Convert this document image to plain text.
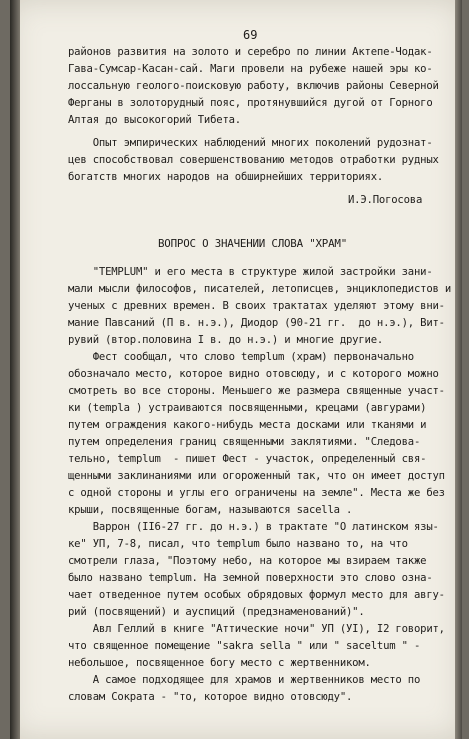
69
районов развития на золото и серебро по линии Актепе-Чодак-
Гава-Сумсар-Касан-сай. Маги провели на рубеже нашей эры ко-
лоссальную геолого-поисковую работу, включив районы Северной
Ферганы в золоторудный пояс, протянувшийся дугой от Горного
Алтая до высокогорий Тибета.
Опыт эмпирических наблюдений многих поколений рудознат-
цев способствовал совершенствованию методов отработки рудных
богатств многих народов на обширнейших территориях.
И.Э.Погосова
ВОПРОС О ЗНАЧЕНИИ СЛОВА "ХРАМ"
"TEMPLUM" и его места в структуре жилой застройки зани-
мали мысли философов, писателей, летописцев, энциклопедистов и
ученых с древних времен. В своих трактатах уделяют этому вни-
мание Павсаний (П в. н.э.), Диодор (90-21 гг.  до н.э.), Вит-
рувий (втор.половина I в. до н.э.) и многие другие.
Фест сообщал, что слово templum (храм) первоначально
обозначало место, которое видно отовсюду, и с которого можно
смотреть во все стороны. Меньшего же размера священные участ-
ки (templa ) устраиваются посвященными, крецами (авгурами)
путем ограждения какого-нибудь места досками или тканями и
путем определения границ священными заклятиями. "Следова-
тельно, templum  - пишет Фест - участок, определенный свя-
щенными заклинаниями или огороженный так, что он имеет доступ
с одной стороны и углы его ограничены на земле". Места же без
крыши, посвященные богам, называются sacella .
Варрон (II6-27 гг. до н.э.) в трактате "О латинском язы-
ке" УП, 7-8, писал, что templum было названо то, на что
смотрели глаза, "Поэтому небо, на которое мы взираем также
было названо templum. На земной поверхности это слово озна-
чает отведенное путем особых обрядовых формул место для авгу-
рий (посвящений) и ауспиций (предзнаменований)".
Авл Геллий в книге "Аттические ночи" УП (УI), I2 говорит,
что священное помещение "sakra sella " или " saceltum " -
небольшое, посвященное богу место с жертвенником.
А самое подходящее для храмов и жертвенников место по
словам Сократа - "то, которое видно отовсюду".
